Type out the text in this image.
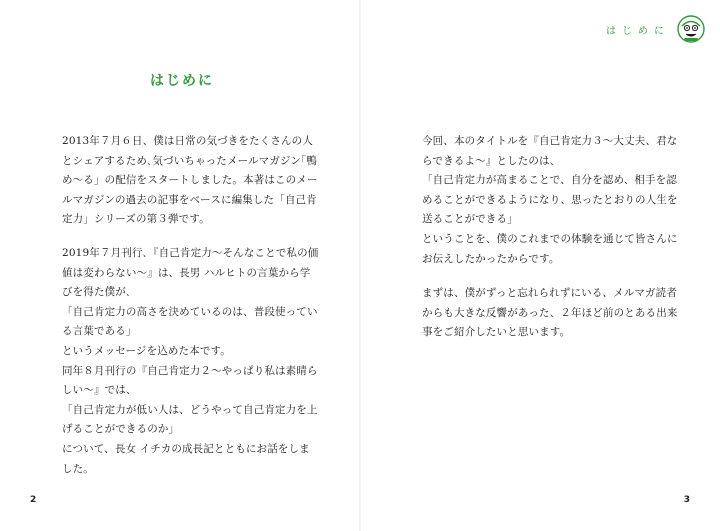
はじめに
2013年７月６日、僕は日常の気づきをたくさんの人
とシェアするため､気づいちゃったメールマガジン｢鴨
め〜る」の配信をスタートしました。本著はこのメー
ルマガジンの過去の記事をベースに編集した「自己肯
定力」シリーズの第３弾です。
2019年７月刊行､『自己肯定力〜そんなことで私の価
値は変わらない〜』は、長男 ハルヒトの言葉から学
びを得た僕が､
「自己肯定力の高さを決めているのは、普段使ってい
る言葉である」
というメッセージを込めた本です。
同年８月刊行の『自己肯定力２〜やっぱり私は素晴ら
しい〜』では、
「自己肯定力が低い人は、どうやって自己肯定力を上
げることができるのか」
について、長女 イチカの成長記とともにお話をしま
した。
2
はじめに
今回、本のタイトルを『自己肯定力３〜大丈夫、君な
らできるよ〜』としたのは、
「自己肯定力が高まることで、自分を認め、相手を認
めることができるようになり、思ったとおりの人生を
送ることができる」
ということを、僕のこれまでの体験を通じて皆さんに
お伝えしたかったからです。
まずは、僕がずっと忘れられずにいる、メルマガ読者
からも大きな反響があった、２年ほど前のとある出来
事をご紹介したいと思います。
3
